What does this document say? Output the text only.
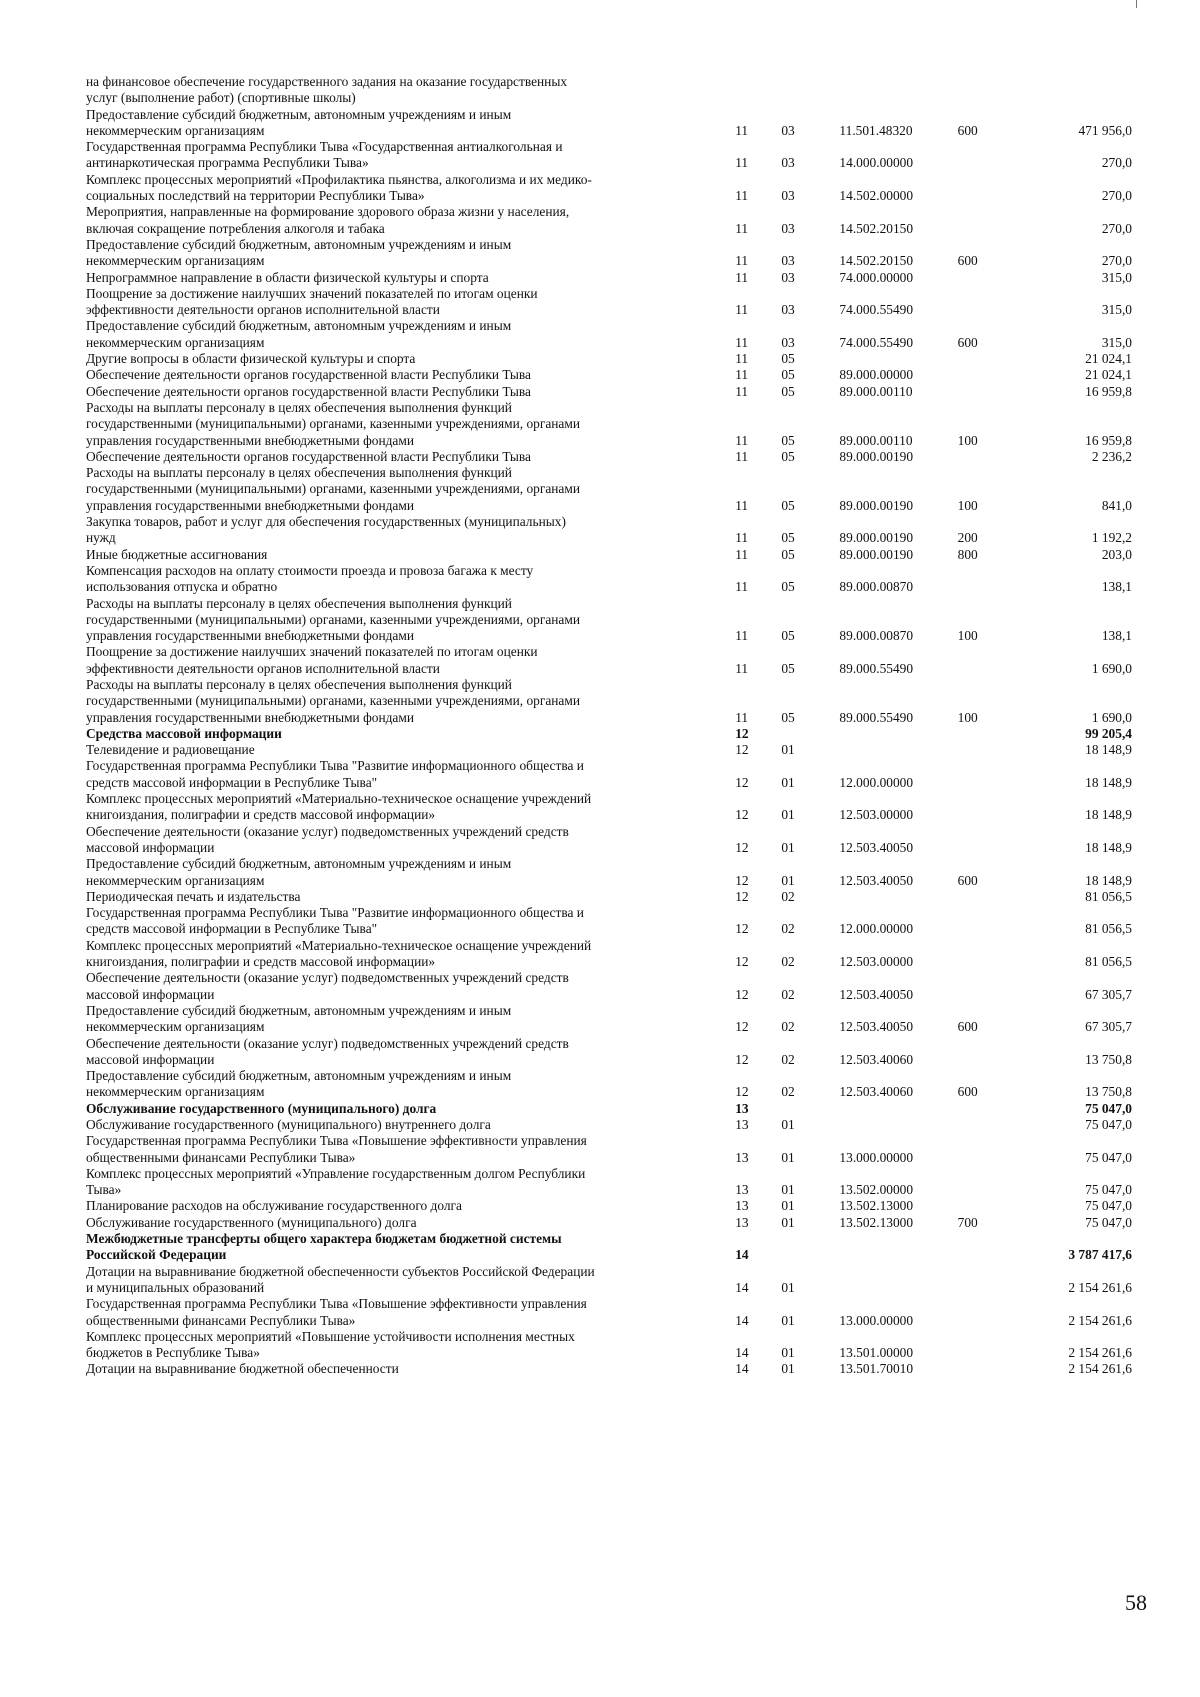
на финансовое обеспечение государственного задания на оказание государственных
услуг (выполнение работ) (спортивные школы)					
Предоставление субсидий бюджетным, автономным учреждениям и иным
некоммерческим организациям	11	03	11.501.48320	600	471 956,0
Государственная программа Республики Тыва «Государственная антиалкогольная и
антинаркотическая программа Республики Тыва»	11	03	14.000.00000		270,0
Комплекс процессных мероприятий «Профилактика пьянства, алкоголизма и их медико-
социальных последствий на территории Республики Тыва»	11	03	14.502.00000		270,0
Мероприятия, направленные на формирование здорового образа жизни у населения,
включая сокращение потребления алкоголя и табака	11	03	14.502.20150		270,0
Предоставление субсидий бюджетным, автономным учреждениям и иным
некоммерческим организациям	11	03	14.502.20150	600	270,0
Непрограммное направление в области физической культуры и спорта	11	03	74.000.00000		315,0
Поощрение за достижение наилучших значений показателей по итогам оценки
эффективности деятельности органов исполнительной власти	11	03	74.000.55490		315,0
Предоставление субсидий бюджетным, автономным учреждениям и иным
некоммерческим организациям	11	03	74.000.55490	600	315,0
Другие вопросы в области физической культуры и спорта	11	05			21 024,1
Обеспечение деятельности органов государственной власти Республики Тыва	11	05	89.000.00000		21 024,1
Обеспечение деятельности органов государственной власти Республики Тыва	11	05	89.000.00110		16 959,8
Расходы на выплаты персоналу в целях обеспечения выполнения функций
государственными (муниципальными) органами, казенными учреждениями, органами
управления государственными внебюджетными фондами	11	05	89.000.00110	100	16 959,8
Обеспечение деятельности органов государственной власти Республики Тыва	11	05	89.000.00190		2 236,2
Расходы на выплаты персоналу в целях обеспечения выполнения функций
государственными (муниципальными) органами, казенными учреждениями, органами
управления государственными внебюджетными фондами	11	05	89.000.00190	100	841,0
Закупка товаров, работ и услуг для обеспечения государственных (муниципальных)
нужд	11	05	89.000.00190	200	1 192,2
Иные бюджетные ассигнования	11	05	89.000.00190	800	203,0
Компенсация расходов на оплату стоимости проезда и провоза багажа к месту
использования отпуска и обратно	11	05	89.000.00870		138,1
Расходы на выплаты персоналу в целях обеспечения выполнения функций
государственными (муниципальными) органами, казенными учреждениями, органами
управления государственными внебюджетными фондами	11	05	89.000.00870	100	138,1
Поощрение за достижение наилучших значений показателей по итогам оценки
эффективности деятельности органов исполнительной власти	11	05	89.000.55490		1 690,0
Расходы на выплаты персоналу в целях обеспечения выполнения функций
государственными (муниципальными) органами, казенными учреждениями, органами
управления государственными внебюджетными фондами	11	05	89.000.55490	100	1 690,0
Средства массовой информации	12				99 205,4
Телевидение и радиовещание	12	01			18 148,9
Государственная программа Республики Тыва "Развитие информационного общества и
средств массовой информации в Республике Тыва"	12	01	12.000.00000		18 148,9
Комплекс процессных мероприятий «Материально-техническое оснащение учреждений
книгоиздания, полиграфии и средств массовой информации»	12	01	12.503.00000		18 148,9
Обеспечение деятельности (оказание услуг) подведомственных учреждений средств
массовой информации	12	01	12.503.40050		18 148,9
Предоставление субсидий бюджетным, автономным учреждениям и иным
некоммерческим организациям	12	01	12.503.40050	600	18 148,9
Периодическая печать и издательства	12	02			81 056,5
Государственная программа Республики Тыва "Развитие информационного общества и
средств массовой информации в Республике Тыва"	12	02	12.000.00000		81 056,5
Комплекс процессных мероприятий «Материально-техническое оснащение учреждений
книгоиздания, полиграфии и средств массовой информации»	12	02	12.503.00000		81 056,5
Обеспечение деятельности (оказание услуг) подведомственных учреждений средств
массовой информации	12	02	12.503.40050		67 305,7
Предоставление субсидий бюджетным, автономным учреждениям и иным
некоммерческим организациям	12	02	12.503.40050	600	67 305,7
Обеспечение деятельности (оказание услуг) подведомственных учреждений средств
массовой информации	12	02	12.503.40060		13 750,8
Предоставление субсидий бюджетным, автономным учреждениям и иным
некоммерческим организациям	12	02	12.503.40060	600	13 750,8
Обслуживание государственного (муниципального) долга	13				75 047,0
Обслуживание государственного (муниципального) внутреннего долга	13	01			75 047,0
Государственная программа Республики Тыва «Повышение эффективности управления
общественными финансами Республики Тыва»	13	01	13.000.00000		75 047,0
Комплекс процессных мероприятий «Управление государственным долгом Республики
Тыва»	13	01	13.502.00000		75 047,0
Планирование расходов на обслуживание государственного долга	13	01	13.502.13000		75 047,0
Обслуживание государственного (муниципального) долга	13	01	13.502.13000	700	75 047,0
Межбюджетные трансферты общего характера бюджетам бюджетной системы
Российской Федерации	14				3 787 417,6
Дотации на выравнивание бюджетной обеспеченности субъектов Российской Федерации
и муниципальных образований	14	01			2 154 261,6
Государственная программа Республики Тыва «Повышение эффективности управления
общественными финансами Республики Тыва»	14	01	13.000.00000		2 154 261,6
Комплекс процессных мероприятий «Повышение устойчивости исполнения местных
бюджетов в Республике Тыва»	14	01	13.501.00000		2 154 261,6
Дотации на выравнивание бюджетной обеспеченности	14	01	13.501.70010		2 154 261,6
58
